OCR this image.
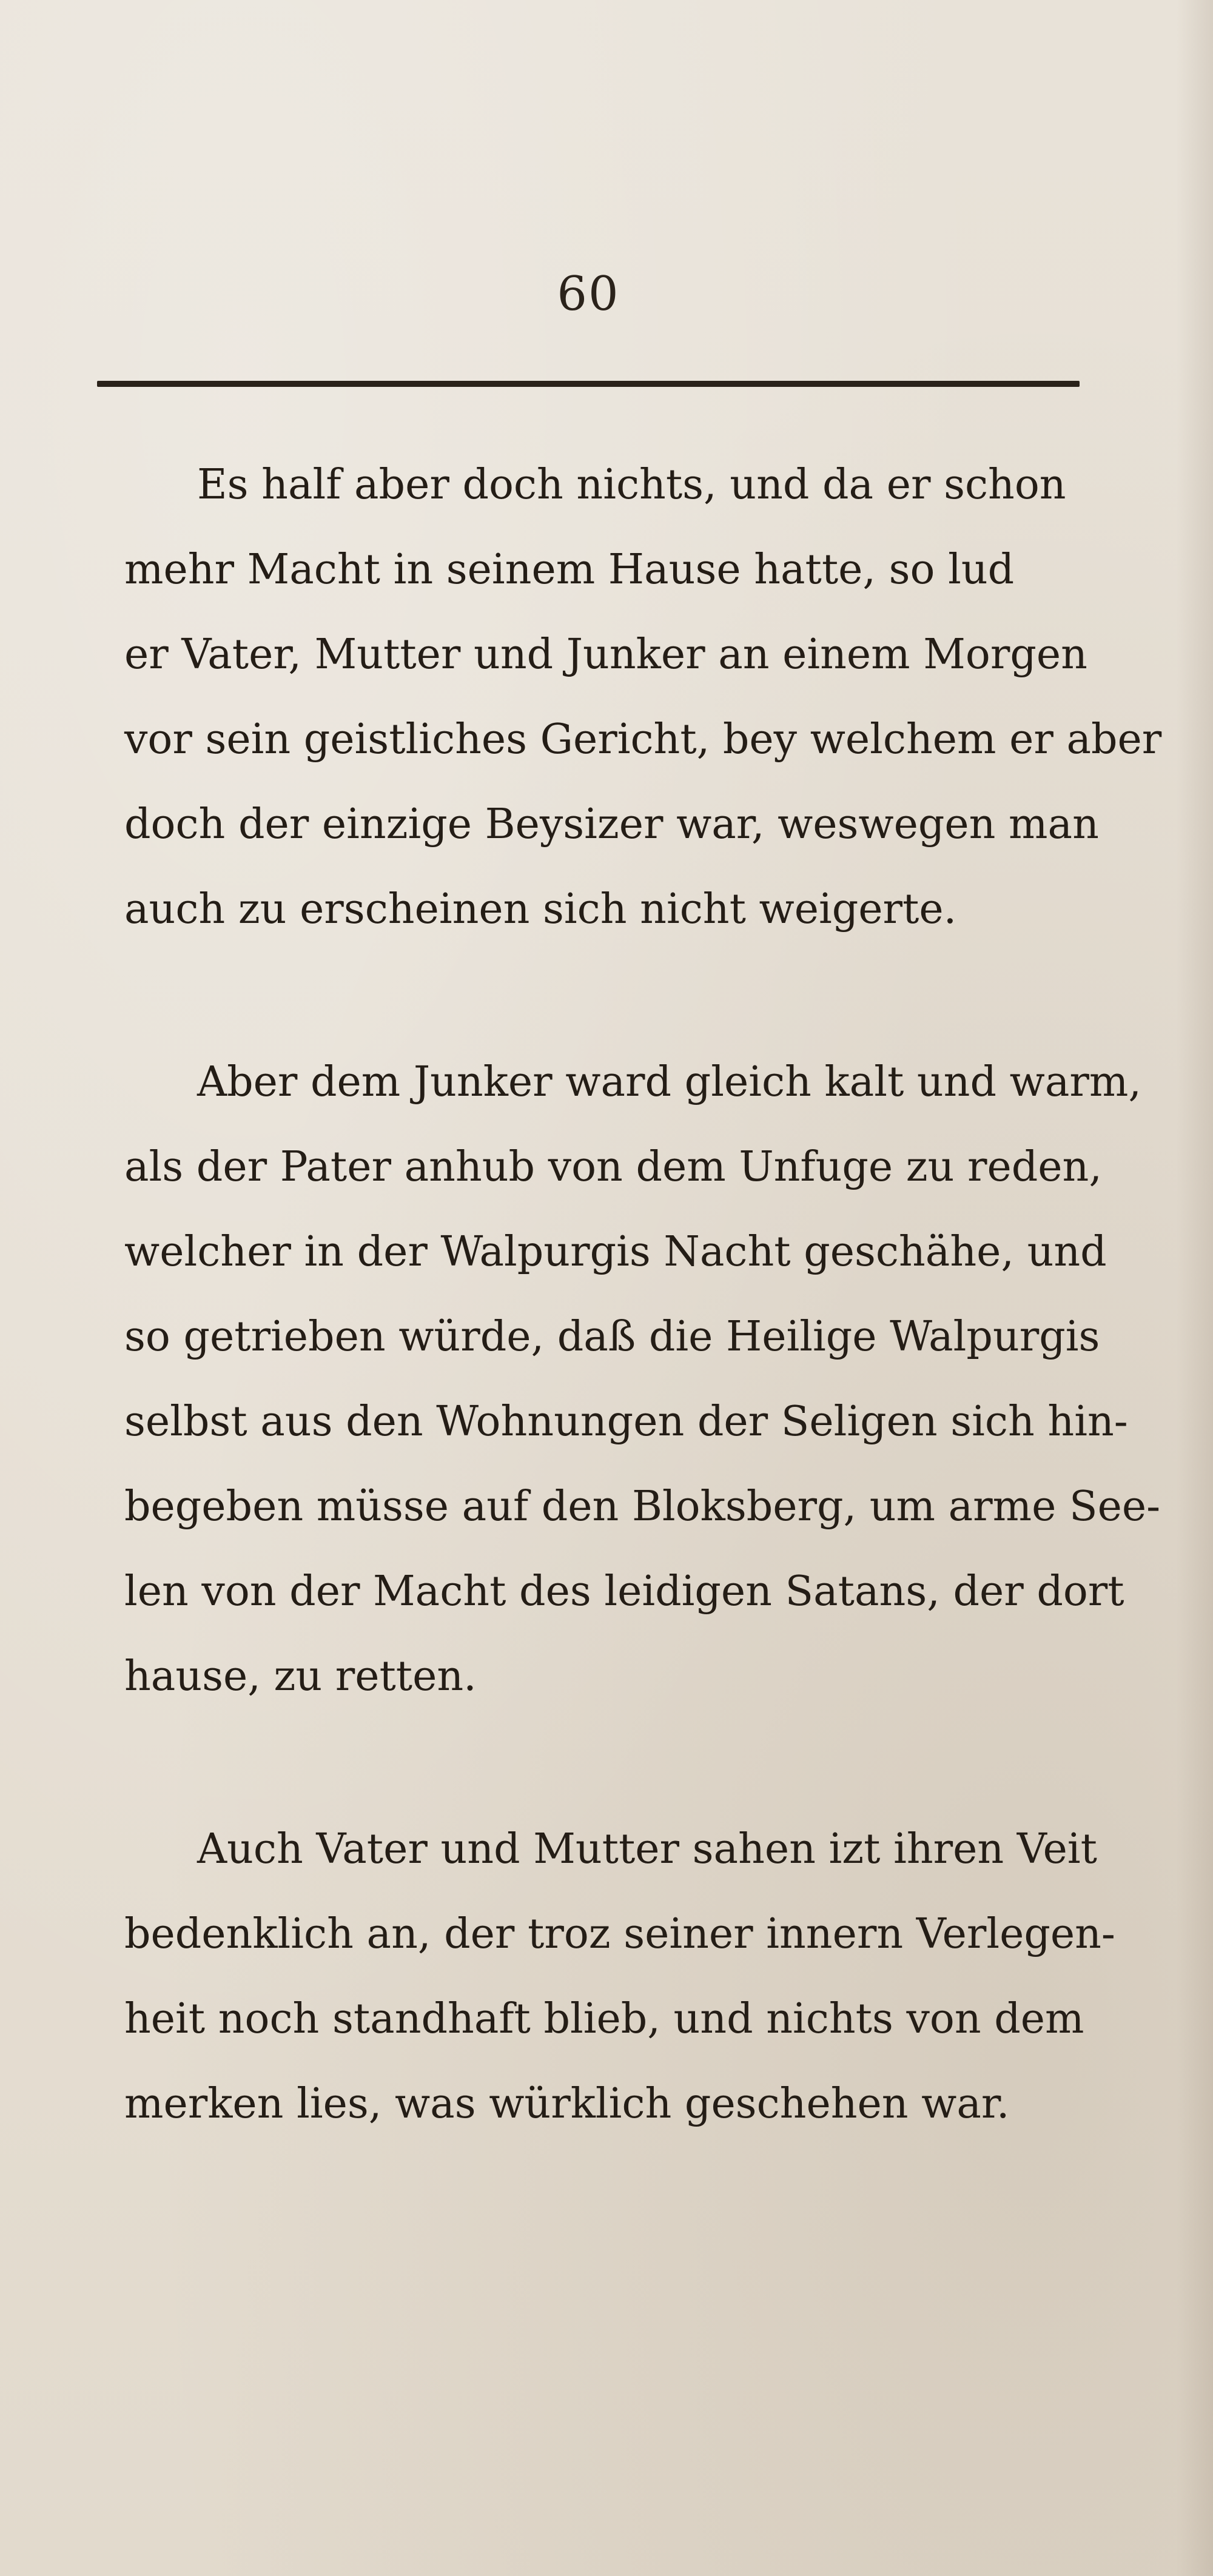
60
Es half aber doch nichts, und da er schon
mehr Macht in seinem Hause hatte, so lud
er Vater, Mutter und Junker an einem Morgen
vor sein geistliches Gericht, bey welchem er aber
doch der einzige Beysizer war, weswegen man
auch zu erscheinen sich nicht weigerte.
Aber dem Junker ward gleich kalt und warm,
als der Pater anhub von dem Unfuge zu reden,
welcher in der Walpurgis Nacht geschähe, und
so getrieben würde, daß die Heilige Walpurgis
selbst aus den Wohnungen der Seligen sich hin-
begeben müsse auf den Bloksberg, um arme See-
len von der Macht des leidigen Satans, der dort
hause, zu retten.
Auch Vater und Mutter sahen izt ihren Veit
bedenklich an, der troz seiner innern Verlegen-
heit noch standhaft blieb, und nichts von dem
merken lies, was würklich geschehen war.
